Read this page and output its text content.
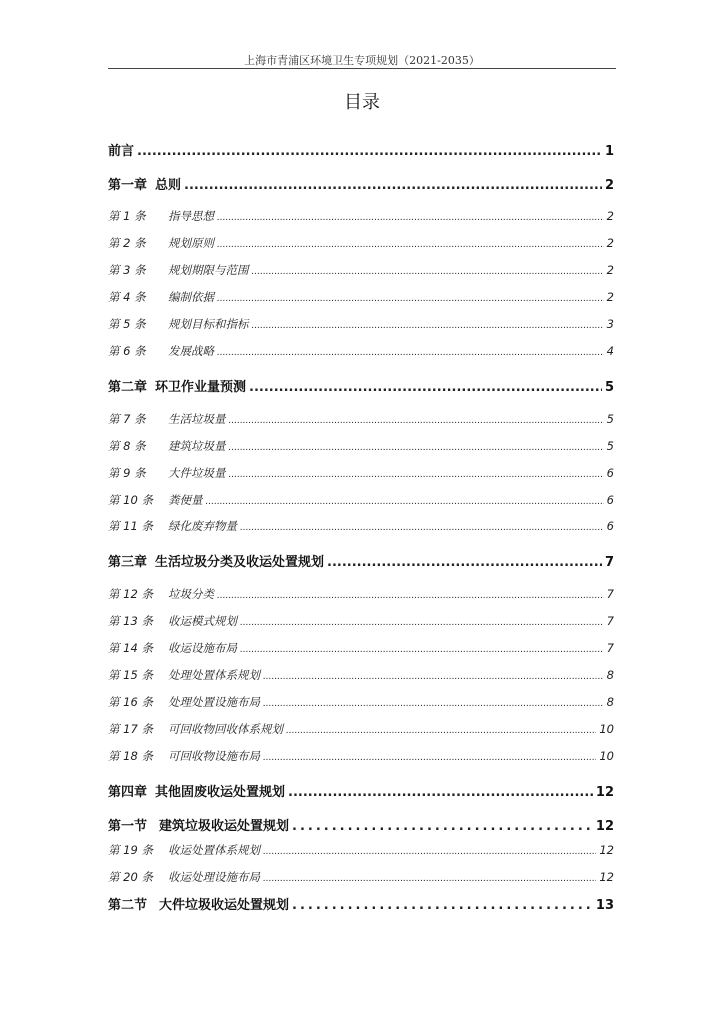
上海市青浦区环境卫生专项规划（2021-2035）
目录
前言 .....	1
第一章 总则 .....	2
第 1 条 指导思想 .....	2
第 2 条 规划原则 .....	2
第 3 条 规划期限与范围 .....	2
第 4 条 编制依据 .....	2
第 5 条 规划目标和指标 .....	3
第 6 条 发展战略 .....	4
第二章 环卫作业量预测 .....	5
第 7 条 生活垃圾量 .....	5
第 8 条 建筑垃圾量 .....	5
第 9 条 大件垃圾量 .....	6
第 10 条 粪便量 .....	6
第 11 条 绿化废弃物量 .....	6
第三章 生活垃圾分类及收运处置规划 .....	7
第 12 条 垃圾分类 .....	7
第 13 条 收运模式规划 .....	7
第 14 条 收运设施布局 .....	7
第 15 条 处理处置体系规划 .....	8
第 16 条 处理处置设施布局 .....	8
第 17 条 可回收物回收体系规划 .....	10
第 18 条 可回收物设施布局 .....	10
第四章 其他固废收运处置规划 .....	12
第一节 建筑垃圾收运处置规划 .....	12
第 19 条 收运处置体系规划 .....	12
第 20 条 收运处理设施布局 .....	12
第二节 大件垃圾收运处置规划 .....	13
